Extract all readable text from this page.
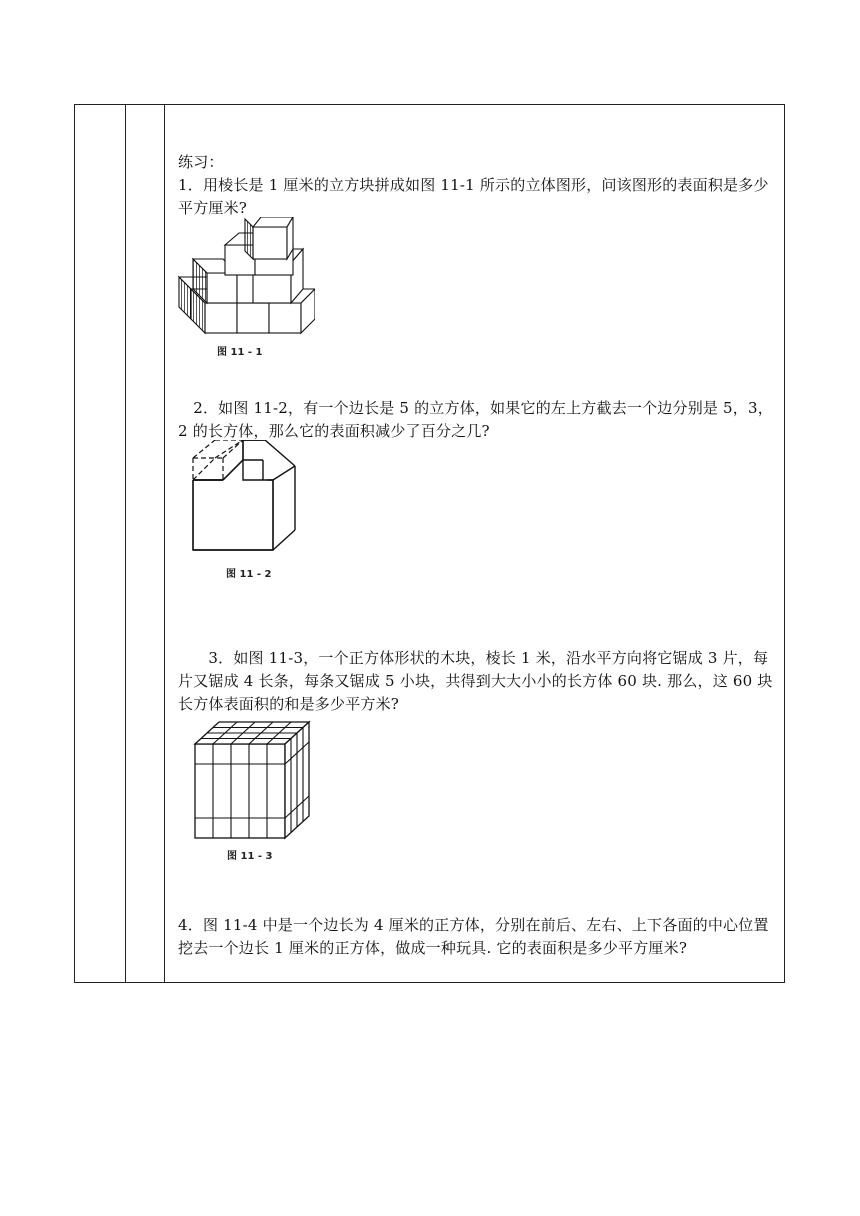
练习：
1．用棱长是 1 厘米的立方块拼成如图 11-1 所示的立体图形，问该图形的表面积是多少平方厘米?
图 11 - 1
　2．如图 11-2，有一个边长是 5 的立方体，如果它的左上方截去一个边分别是 5，3，2 的长方体，那么它的表面积减少了百分之几?
图 11 - 2
　　3．如图 11-3，一个正方体形状的木块，棱长 1 米，沿水平方向将它锯成 3 片，每片又锯成 4 长条，每条又锯成 5 小块，共得到大大小小的长方体 60 块. 那么，这 60 块长方体表面积的和是多少平方米?
图 11 - 3
4．图 11-4 中是一个边长为 4 厘米的正方体，分别在前后、左右、上下各面的中心位置挖去一个边长 1 厘米的正方体，做成一种玩具. 它的表面积是多少平方厘米?
